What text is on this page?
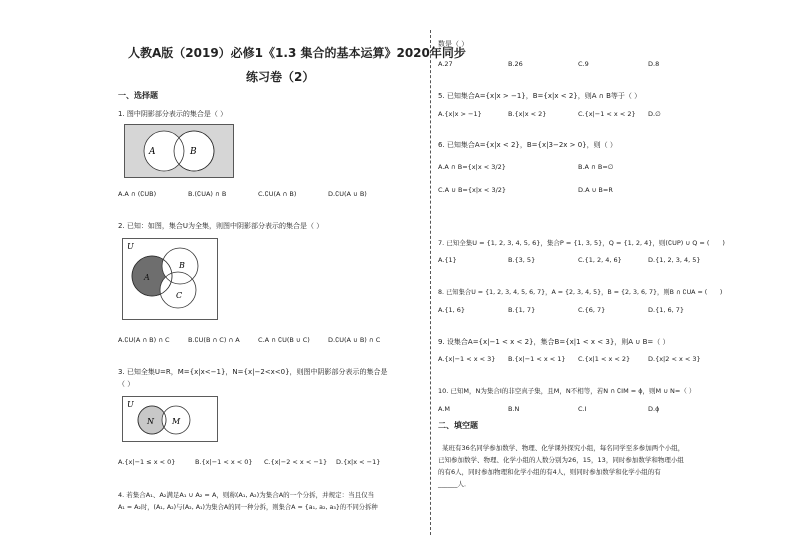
人教A版（2019）必修1《1.3 集合的基本运算》2020年同步
练习卷（2）
一、选择题
1. 图中阴影部分表示的集合是（ ）
A	B
A.A ∩ (∁UB)	B.(∁UA) ∩ B	C.∁U(A ∩ B)	D.∁U(A ∪ B)
2. 已知：如图，集合U为全集，则图中阴影部分表示的集合是（ ）
U
A
B
C
A.∁U(A ∩ B) ∩ C	B.∁U(B ∩ C) ∩ A	C.A ∩ ∁U(B ∪ C)	D.∁U(A ∪ B) ∩ C
3. 已知全集U=R，M={x|x<−1}，N={x|−2<x<0}，则图中阴影部分表示的集合是
（ ）
U
N M
A.{x|−1 ≤ x < 0}	B.{x|−1 < x < 0} C.{x|−2 < x < −1} D.{x|x < −1}
4. 若集合A₁、A₂满足A₁ ∪ A₂ = A，则称(A₁, A₂)为集合A的一个分拆，并规定：当且仅当
A₁ = A₂时，(A₁, A₂)与(A₂, A₁)为集合A的同一种分拆，则集合A = {a₁, a₂, a₃}的不同分拆种
数是（ ）
A.27	B.26	C.9	D.8
5. 已知集合A={x|x > −1}，B={x|x < 2}，则A ∩ B等于（ ）
A.{x|x > −1}	B.{x|x < 2}	C.{x|−1 < x < 2} D.∅
6. 已知集合A={x|x < 2}，B={x|3−2x > 0}，则（ ）
A.A ∩ B={x|x < 3/2}	B.A ∩ B=∅
C.A ∪ B={x|x < 3/2}	D.A ∪ B=R
7. 已知全集U = {1, 2, 3, 4, 5, 6}，集合P = {1, 3, 5}，Q = {1, 2, 4}，则(∁UP) ∪ Q = (　　)
A.{1}	B.{3, 5}	C.{1, 2, 4, 6}	D.{1, 2, 3, 4, 5}
8. 已知集合U = {1, 2, 3, 4, 5, 6, 7}，A = {2, 3, 4, 5}，B = {2, 3, 6, 7}，则B ∩ ∁UA = (　　)
A.{1, 6}	B.{1, 7}	C.{6, 7}	D.{1, 6, 7}
9. 设集合A={x|−1 < x < 2}，集合B={x|1 < x < 3}，则A ∪ B=（ ）
A.{x|−1 < x < 3} B.{x|−1 < x < 1} C.{x|1 < x < 2}	D.{x|2 < x < 3}
10. 已知M，N为集合I的非空真子集，且M，N不相等，若N ∩ ∁IM = ϕ，则M ∪ N=（ ）
A.M	B.N	C.I	D.ϕ
二、填空题
某班有36名同学参加数学、物理、化学课外探究小组，每名同学至多参加两个小组，
已知参加数学、物理、化学小组的人数分别为26，15，13，同时参加数学和物理小组
的有6人，同时参加物理和化学小组的有4人，则同时参加数学和化学小组的有
______人．
